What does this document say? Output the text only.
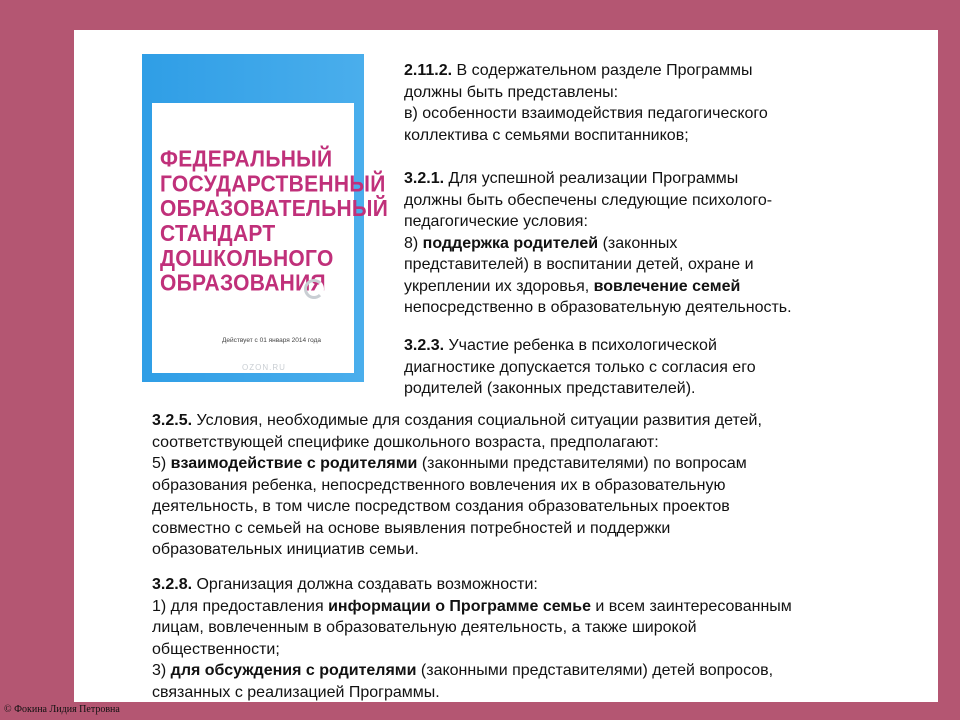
ФЕДЕРАЛЬНЫЙ ГОСУДАРСТВЕННЫЙ ОБРАЗОВАТЕЛЬНЫЙ СТАНДАРТ ДОШКОЛЬНОГО ОБРАЗОВАНИЯ

Действует с 01 января 2014 года
OZON.RU
2.11.2. В содержательном разделе Программы
должны быть представлены:
в) особенности взаимодействия педагогического
коллектива с семьями воспитанников;
3.2.1. Для успешной реализации Программы
должны быть обеспечены следующие психолого-
педагогические условия:
8) поддержка родителей (законных
представителей) в воспитании детей, охране и
укреплении их здоровья, вовлечение семей
непосредственно в образовательную деятельность.
3.2.3. Участие ребенка в психологической
диагностике допускается только с согласия его
родителей (законных представителей).
3.2.5. Условия, необходимые для создания социальной ситуации развития детей,
соответствующей специфике дошкольного возраста, предполагают:
5) взаимодействие с родителями (законными представителями) по вопросам
образования ребенка, непосредственного вовлечения их в образовательную
деятельность, в том числе посредством создания образовательных проектов
совместно с семьей на основе выявления потребностей и поддержки
образовательных инициатив семьи.
3.2.8. Организация должна создавать возможности:
1) для предоставления информации о Программе семье и всем заинтересованным
лицам, вовлеченным в образовательную деятельность, а также широкой
общественности;
3) для обсуждения с родителями (законными представителями) детей вопросов,
связанных с реализацией Программы.
© Фокина Лидия Петровна
